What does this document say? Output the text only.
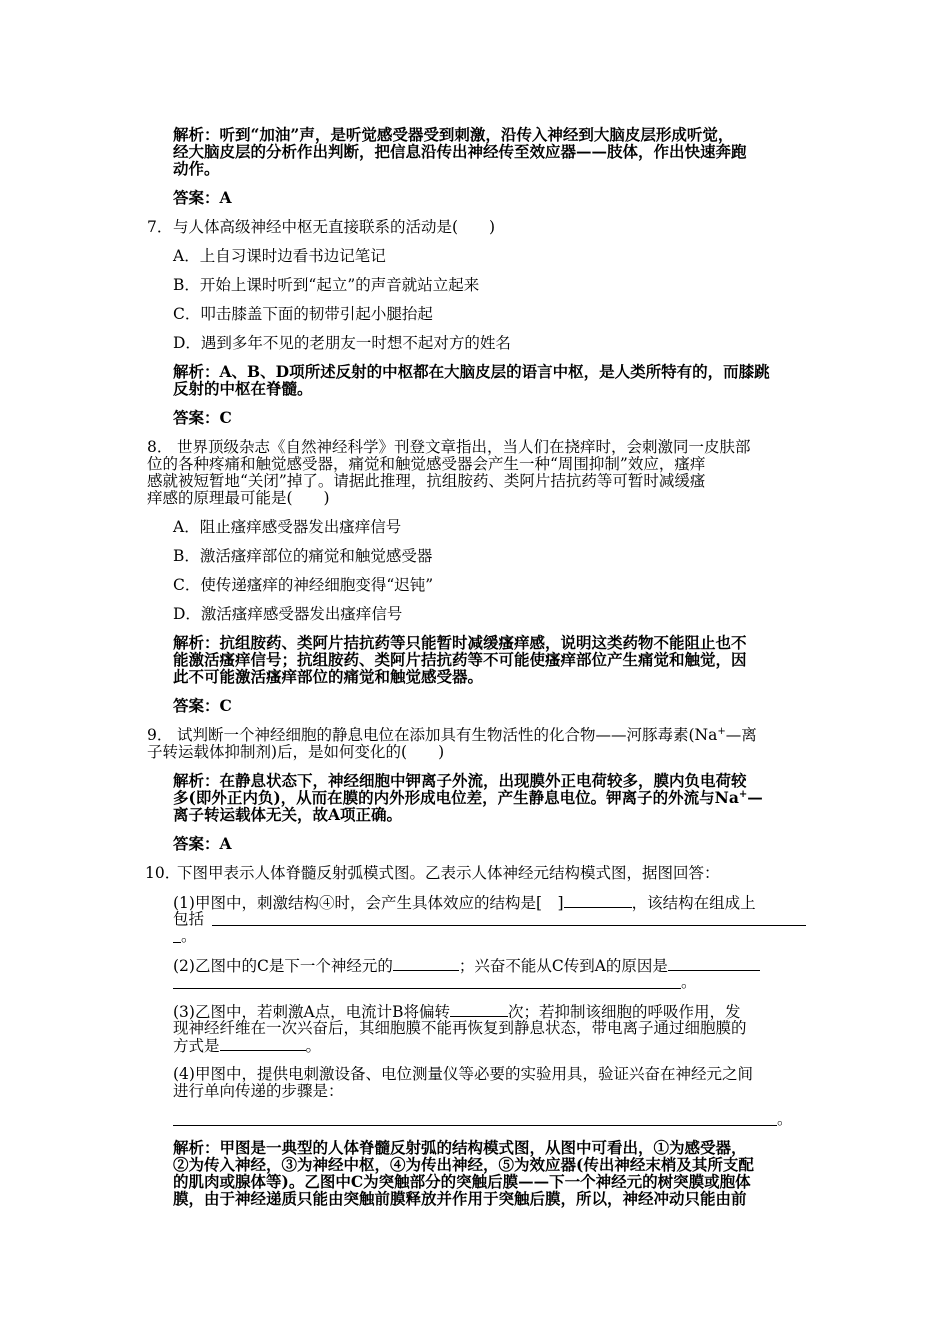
解析：听到“加油”声，是听觉感受器受到刺激，沿传入神经到大脑皮层形成听觉，
经大脑皮层的分析作出判断，把信息沿传出神经传至效应器——肢体，作出快速奔跑
动作。
答案：A
7． 与人体高级神经中枢无直接联系的活动是(　　)
A．上自习课时边看书边记笔记
B．开始上课时听到“起立”的声音就站立起来
C．叩击膝盖下面的韧带引起小腿抬起
D．遇到多年不见的老朋友一时想不起对方的姓名
解析：A、B、D项所述反射的中枢都在大脑皮层的语言中枢，是人类所特有的，而膝跳
反射的中枢在脊髓。
答案：C
8． 世界顶级杂志《自然神经科学》刊登文章指出，当人们在挠痒时，会刺激同一皮肤部
位的各种疼痛和触觉感受器，痛觉和触觉感受器会产生一种“周围抑制”效应，瘙痒
感就被短暂地“关闭”掉了。请据此推理，抗组胺药、类阿片拮抗药等可暂时减缓瘙
痒感的原理最可能是(　　)
A．阻止瘙痒感受器发出瘙痒信号
B．激活瘙痒部位的痛觉和触觉感受器
C．使传递瘙痒的神经细胞变得“迟钝”
D．激活瘙痒感受器发出瘙痒信号
解析：抗组胺药、类阿片拮抗药等只能暂时减缓瘙痒感，说明这类药物不能阻止也不
能激活瘙痒信号；抗组胺药、类阿片拮抗药等不可能使瘙痒部位产生痛觉和触觉，因
此不可能激活瘙痒部位的痛觉和触觉感受器。
答案：C
9． 试判断一个神经细胞的静息电位在添加具有生物活性的化合物——河豚毒素(Na+—离
子转运载体抑制剂)后，是如何变化的(　　)
解析：在静息状态下，神经细胞中钾离子外流，出现膜外正电荷较多，膜内负电荷较
多(即外正内负)，从而在膜的内外形成电位差，产生静息电位。钾离子的外流与Na+—
离子转运载体无关，故A项正确。
答案：A
10．
下图甲表示人体脊髓反射弧模式图。乙表示人体神经元结构模式图，据图回答：
(1)甲图中，刺激结构④时，会产生具体效应的结构是[　]	，该结构在组成上
包括
。
(2)乙图中的C是下一个神经元的	；兴奋不能从C传到A的原因是
。
(3)乙图中，若刺激A点，电流计B将偏转	次；若抑制该细胞的呼吸作用，发
现神经纤维在一次兴奋后，其细胞膜不能再恢复到静息状态，带电离子通过细胞膜的
方式是	。
(4)甲图中，提供电刺激设备、电位测量仪等必要的实验用具，验证兴奋在神经元之间
进行单向传递的步骤是：
。
解析：甲图是一典型的人体脊髓反射弧的结构模式图，从图中可看出，①为感受器，
②为传入神经，③为神经中枢，④为传出神经，⑤为效应器(传出神经末梢及其所支配
的肌肉或腺体等)。乙图中C为突触部分的突触后膜——下一个神经元的树突膜或胞体
膜，由于神经递质只能由突触前膜释放并作用于突触后膜，所以，神经冲动只能由前
